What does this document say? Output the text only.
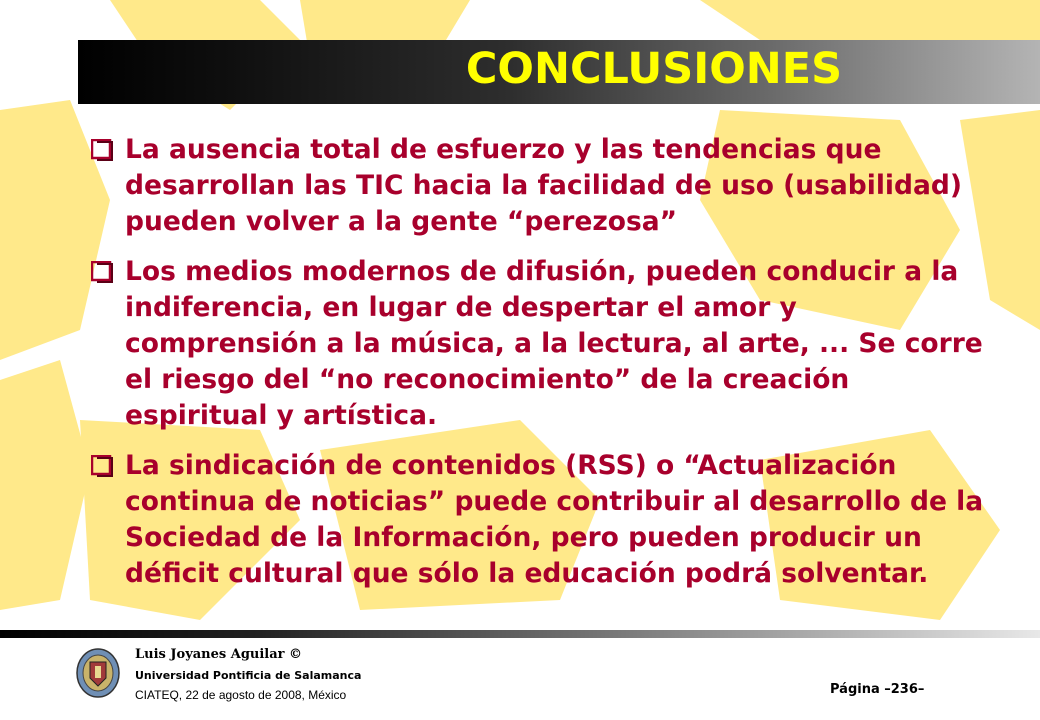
CONCLUSIONES
La ausencia total de esfuerzo y las tendencias que desarrollan las TIC hacia la facilidad de uso (usabilidad) pueden volver a la gente “perezosa”
Los medios modernos de difusión, pueden conducir a la indiferencia, en lugar de despertar el amor y comprensión a la música, a la lectura, al arte, ... Se corre el riesgo del “no reconocimiento” de la creación espiritual y artística.
La sindicación de contenidos (RSS) o “Actualización continua de noticias” puede contribuir al desarrollo de la Sociedad de la Información, pero pueden producir un déficit cultural que sólo la educación podrá solventar.
Luis Joyanes Aguilar ©
Universidad Pontificia de Salamanca
CIATEQ, 22 de agosto de 2008, México	Página –236–
